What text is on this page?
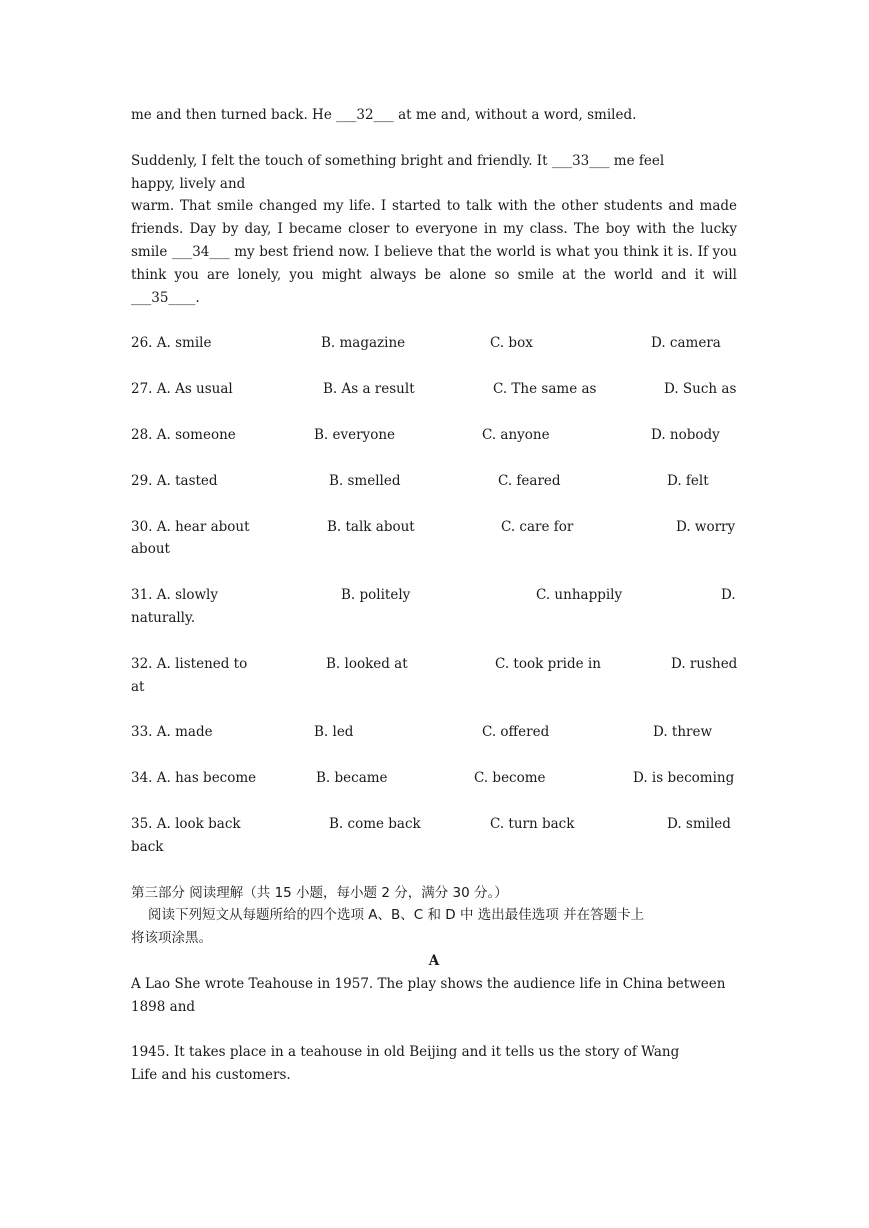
me and then turned back. He ___32___ at me and, without a word, smiled.

Suddenly, I felt the touch of something bright and friendly. It ___33___ me feel

happy, lively and

warm. That smile changed my life. I started to talk with the other students and made friends. Day by day, I became closer to everyone in my class. The boy with the lucky smile ___34___ my best friend now. I believe that the world is what you think it is. If you think you are lonely, you might always be alone so smile at the world and it will ___35____.

26. A. smile	B. magazine	C. box	D. camera
27. A. As usual	B. As a result	C. The same as	D. Such as
28. A. someone	B. everyone	C. anyone	D. nobody
29. A. tasted	B. smelled	C. feared	D. felt
30. A. hear about	B. talk about	C. care for	D. worry
about
31. A. slowly	B. politely	C. unhappily	D.
naturally.
32. A. listened to	B. looked at	C. took pride in	D. rushed
at
33. A. made	B. led	C. offered	D. threw
34. A. has become	B. became	C. become	D. is becoming
35. A. look back	B. come back	C. turn back	D. smiled
back

第三部分 阅读理解（共 15 小题，每小题 2 分，满分 30 分。）

阅读下列短文从每题所给的四个选项 A、B、C 和 D 中 选出最佳选项 并在答题卡上

将该项涂黑。

A

A Lao She wrote Teahouse in 1957. The play shows the audience life in China between

1898 and

1945. It takes place in a teahouse in old Beijing and it tells us the story of Wang

Life and his customers.
